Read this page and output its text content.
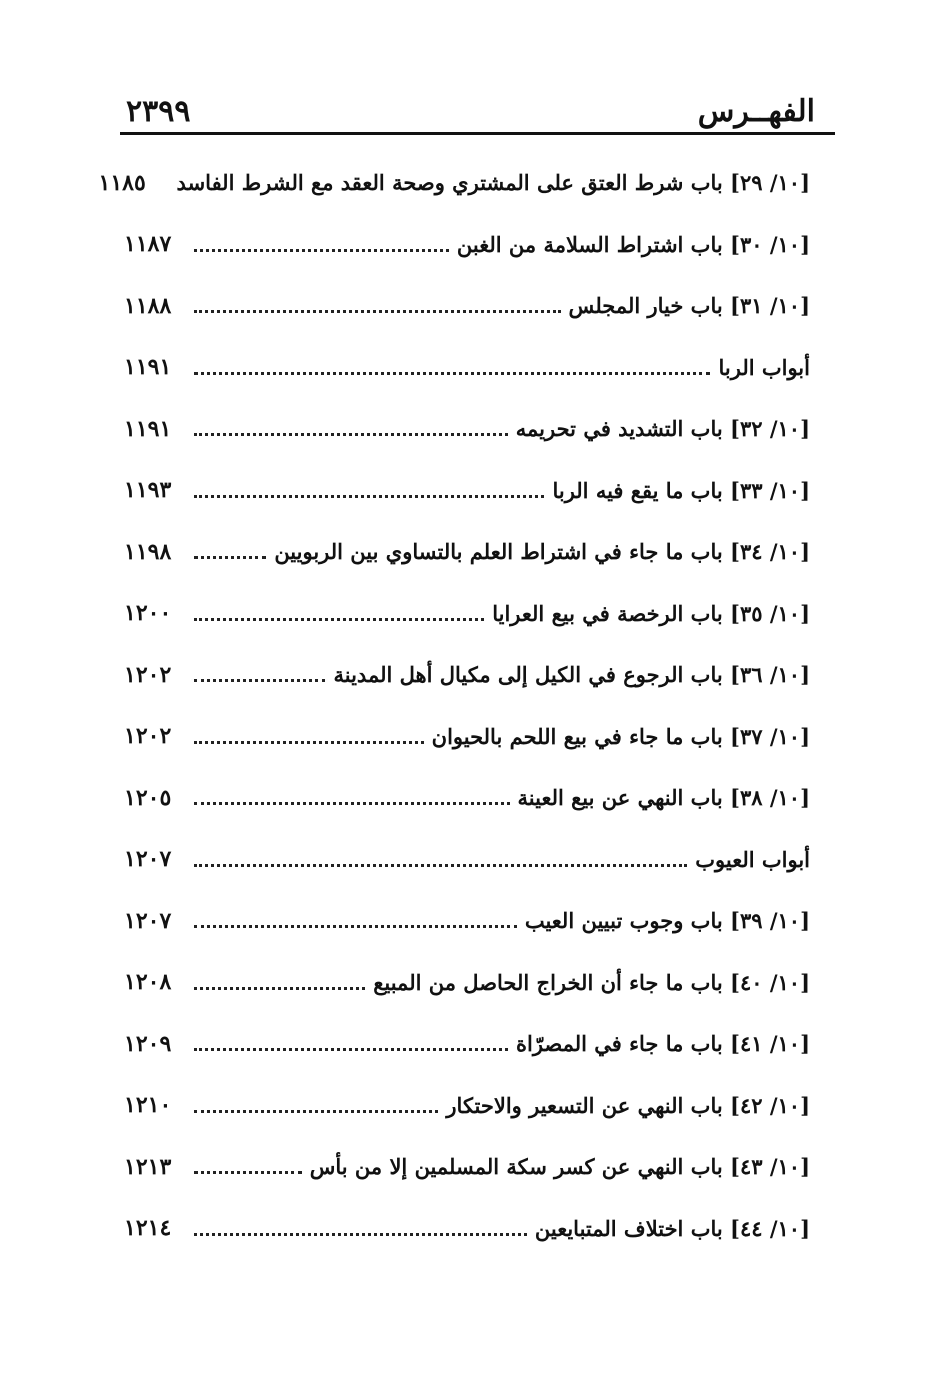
الفهــرس
٢٣٩٩
[١٠/ ٢٩] باب شرط العتق على المشتري وصحة العقد مع الشرط الفاسد
١١٨٥
[١٠/ ٣٠] باب اشتراط السلامة من الغبن
١١٨٧
[١٠/ ٣١] باب خيار المجلس
١١٨٨
أبواب الربا
١١٩١
[١٠/ ٣٢] باب التشديد في تحريمه
١١٩١
[١٠/ ٣٣] باب ما يقع فيه الربا
١١٩٣
[١٠/ ٣٤] باب ما جاء في اشتراط العلم بالتساوي بين الربويين
١١٩٨
[١٠/ ٣٥] باب الرخصة في بيع العرايا
١٢٠٠
[١٠/ ٣٦] باب الرجوع في الكيل إلى مكيال أهل المدينة
١٢٠٢
[١٠/ ٣٧] باب ما جاء في بيع اللحم بالحيوان
١٢٠٢
[١٠/ ٣٨] باب النهي عن بيع العينة
١٢٠٥
أبواب العيوب
١٢٠٧
[١٠/ ٣٩] باب وجوب تبيين العيب
١٢٠٧
[١٠/ ٤٠] باب ما جاء أن الخراج الحاصل من المبيع
١٢٠٨
[١٠/ ٤١] باب ما جاء في المصرّاة
١٢٠٩
[١٠/ ٤٢] باب النهي عن التسعير والاحتكار
١٢١٠
[١٠/ ٤٣] باب النهي عن كسر سكة المسلمين إلا من بأس
١٢١٣
[١٠/ ٤٤] باب اختلاف المتبايعين
١٢١٤
